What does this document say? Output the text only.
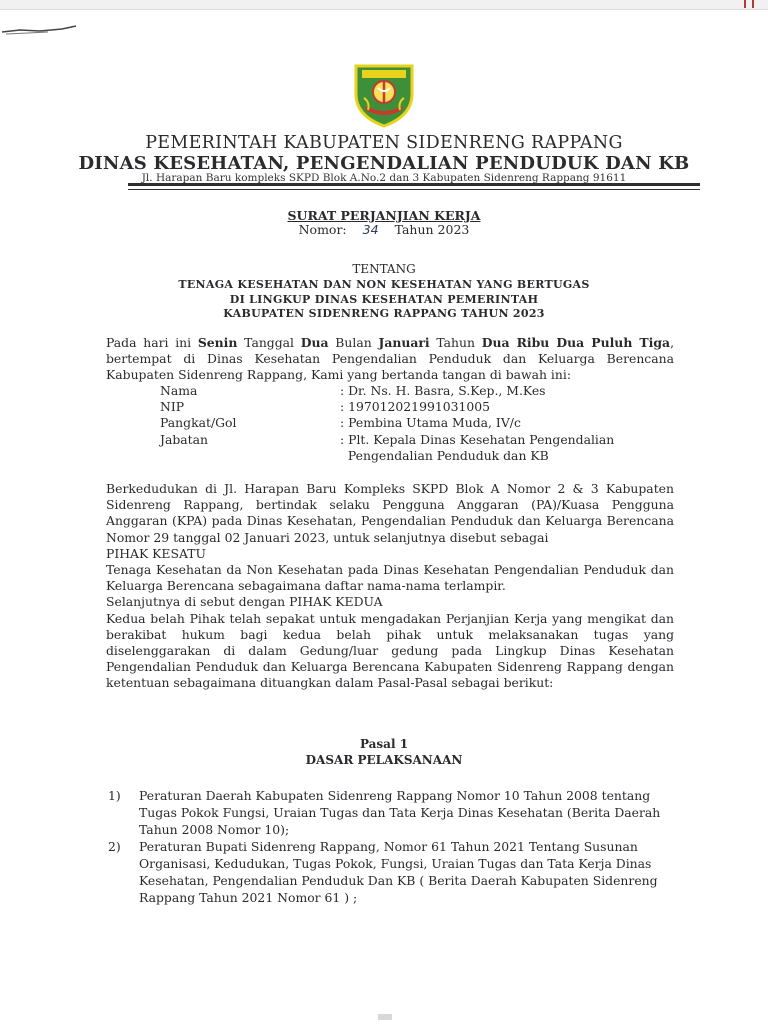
PEMERINTAH KABUPATEN SIDENRENG RAPPANG
DINAS KESEHATAN, PENGENDALIAN PENDUDUK DAN KB
Jl. Harapan Baru kompleks SKPD Blok A.No.2 dan 3 Kabupaten Sidenreng Rappang 91611
SURAT PERJANJIAN KERJA
Nomor: 34 Tahun 2023
TENTANG
TENAGA KESEHATAN DAN NON KESEHATAN YANG BERTUGAS
DI LINGKUP DINAS KESEHATAN PEMERINTAH
KABUPATEN SIDENRENG RAPPANG TAHUN 2023

Pada hari ini Senin Tanggal Dua Bulan Januari Tahun Dua Ribu Dua Puluh Tiga, bertempat di Dinas Kesehatan Pengendalian Penduduk dan Keluarga Berencana Kabupaten Sidenreng Rappang, Kami yang bertanda tangan di bawah ini:

Nama	: Dr. Ns. H. Basra, S.Kep., M.Kes
NIP	: 197012021991031005
Pangkat/Gol	: Pembina Utama Muda, IV/c
Jabatan	: Plt. Kepala Dinas Kesehatan Pengendalian
Pengendalian Penduduk dan KB

Berkedudukan di Jl. Harapan Baru Kompleks SKPD Blok A Nomor 2 & 3 Kabupaten Sidenreng Rappang, bertindak selaku Pengguna Anggaran (PA)/Kuasa Pengguna Anggaran (KPA) pada Dinas Kesehatan, Pengendalian Penduduk dan Keluarga Berencana Nomor 29 tanggal 02 Januari 2023, untuk selanjutnya disebut sebagai

PIHAK KESATU

Tenaga Kesehatan da Non Kesehatan pada Dinas Kesehatan Pengendalian Penduduk dan Keluarga Berencana sebagaimana daftar nama-nama terlampir.

Selanjutnya di sebut dengan PIHAK KEDUA

Kedua belah Pihak telah sepakat untuk mengadakan Perjanjian Kerja yang mengikat dan berakibat hukum bagi kedua belah pihak untuk melaksanakan tugas yang diselenggarakan di dalam Gedung/luar gedung pada Lingkup Dinas Kesehatan Pengendalian Penduduk dan Keluarga Berencana Kabupaten Sidenreng Rappang dengan ketentuan sebagaimana dituangkan dalam Pasal-Pasal sebagai berikut:

Pasal 1
DASAR PELAKSANAAN
1)	Peraturan Daerah Kabupaten Sidenreng Rappang Nomor 10 Tahun 2008 tentang Tugas Pokok Fungsi, Uraian Tugas dan Tata Kerja Dinas Kesehatan (Berita Daerah Tahun 2008 Nomor 10);
2)	Peraturan Bupati Sidenreng Rappang, Nomor 61 Tahun 2021 Tentang Susunan Organisasi, Kedudukan, Tugas Pokok, Fungsi, Uraian Tugas dan Tata Kerja Dinas Kesehatan, Pengendalian Penduduk Dan KB ( Berita Daerah Kabupaten Sidenreng Rappang Tahun 2021 Nomor 61 ) ;
